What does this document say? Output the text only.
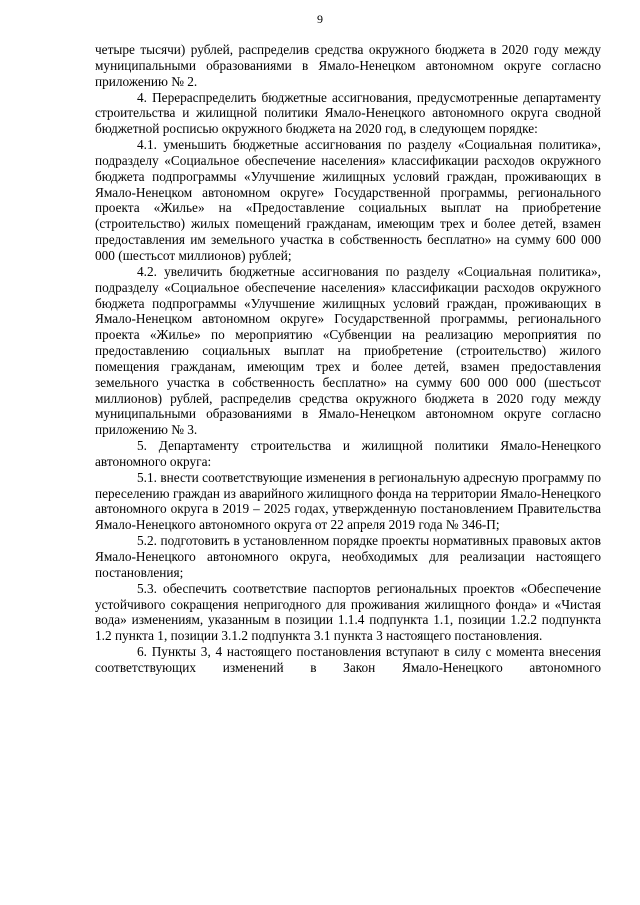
9

четыре тысячи) рублей, распределив средства окружного бюджета в 2020 году между муниципальными образованиями в Ямало-Ненецком автономном округе согласно приложению № 2.

4. Перераспределить бюджетные ассигнования, предусмотренные департаменту строительства и жилищной политики Ямало-Ненецкого автономного округа сводной бюджетной росписью окружного бюджета на 2020 год, в следующем порядке:

4.1. уменьшить бюджетные ассигнования по разделу «Социальная политика», подразделу «Социальное обеспечение населения» классификации расходов окружного бюджета подпрограммы «Улучшение жилищных условий граждан, проживающих в Ямало-Ненецком автономном округе» Государственной программы, регионального проекта «Жилье» на «Предоставление социальных выплат на приобретение (строительство) жилых помещений гражданам, имеющим трех и более детей, взамен предоставления им земельного участка в собственность бесплатно» на сумму 600 000 000 (шестьсот миллионов) рублей;

4.2. увеличить бюджетные ассигнования по разделу «Социальная политика», подразделу «Социальное обеспечение населения» классификации расходов окружного бюджета подпрограммы «Улучшение жилищных условий граждан, проживающих в Ямало-Ненецком автономном округе» Государственной программы, регионального проекта «Жилье» по мероприятию «Субвенции на реализацию мероприятия по предоставлению социальных выплат на приобретение (строительство) жилого помещения гражданам, имеющим трех и более детей, взамен предоставления земельного участка в собственность бесплатно» на сумму 600 000 000 (шестьсот миллионов) рублей, распределив средства окружного бюджета в 2020 году между муниципальными образованиями в Ямало-Ненецком автономном округе согласно приложению № 3.

5. Департаменту строительства и жилищной политики Ямало-Ненецкого автономного округа:

5.1. внести соответствующие изменения в региональную адресную программу по переселению граждан из аварийного жилищного фонда на территории Ямало-Ненецкого автономного округа в 2019 – 2025 годах, утвержденную постановлением Правительства Ямало-Ненецкого автономного округа от 22 апреля 2019 года № 346-П;

5.2. подготовить в установленном порядке проекты нормативных правовых актов Ямало-Ненецкого автономного округа, необходимых для реализации настоящего постановления;

5.3. обеспечить соответствие паспортов региональных проектов «Обеспечение устойчивого сокращения непригодного для проживания жилищного фонда» и «Чистая вода» изменениям, указанным в позиции 1.1.4 подпункта 1.1, позиции 1.2.2 подпункта 1.2 пункта 1, позиции 3.1.2 подпункта 3.1 пункта 3 настоящего постановления.

6. Пункты 3, 4 настоящего постановления вступают в силу с момента внесения соответствующих изменений в Закон Ямало-Ненецкого автономного
